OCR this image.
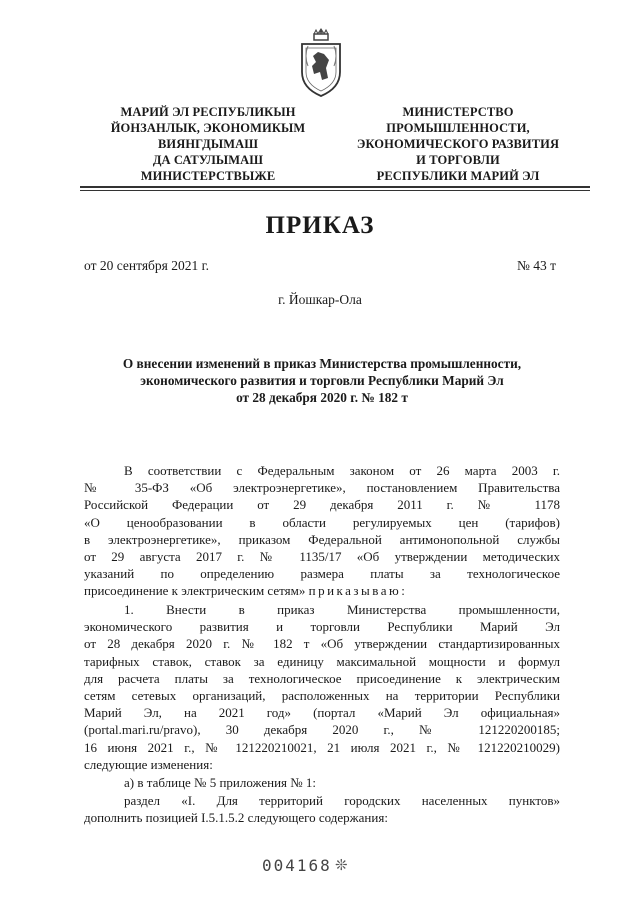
МАРИЙ ЭЛ РЕСПУБЛИКЫН
ЙОНЗАНЛЫК, ЭКОНОМИКЫМ
ВИЯНГДЫМАШ
ДА САТУЛЫМАШ
МИНИСТЕРСТВЫЖЕ
МИНИСТЕРСТВО
ПРОМЫШЛЕННОСТИ,
ЭКОНОМИЧЕСКОГО РАЗВИТИЯ
И ТОРГОВЛИ
РЕСПУБЛИКИ МАРИЙ ЭЛ
ПРИКАЗ
от 20 сентября 2021 г.	№ 43 т
г. Йошкар-Ола
О внесении изменений в приказ Министерства промышленности,
экономического развития и торговли Республики Марий Эл
от 28 декабря 2020 г. № 182 т

В соответствии с Федеральным законом от 26 марта 2003 г.

№ 35-ФЗ «Об электроэнергетике», постановлением Правительства

Российской Федерации от 29 декабря 2011 г. № 1178

«О ценообразовании в области регулируемых цен (тарифов)

в электроэнергетике», приказом Федеральной антимонопольной службы

от 29 августа 2017 г. № 1135/17 «Об утверждении методических

указаний по определению размера платы за технологическое

присоединение к электрическим сетям» приказываю:

1. Внести в приказ Министерства промышленности,

экономического развития и торговли Республики Марий Эл

от 28 декабря 2020 г. № 182 т «Об утверждении стандартизированных

тарифных ставок, ставок за единицу максимальной мощности и формул

для расчета платы за технологическое присоединение к электрическим

сетям сетевых организаций, расположенных на территории Республики

Марий Эл, на 2021 год» (портал «Марий Эл официальная»

(portal.mari.ru/pravo), 30 декабря 2020 г., № 121220200185;

16 июня 2021 г., № 121220210021, 21 июля 2021 г., № 121220210029)

следующие изменения:

а) в таблице № 5 приложения № 1:

раздел «I. Для территорий городских населенных пунктов»

дополнить позицией I.5.1.5.2 следующего содержания:

004168 ❊
